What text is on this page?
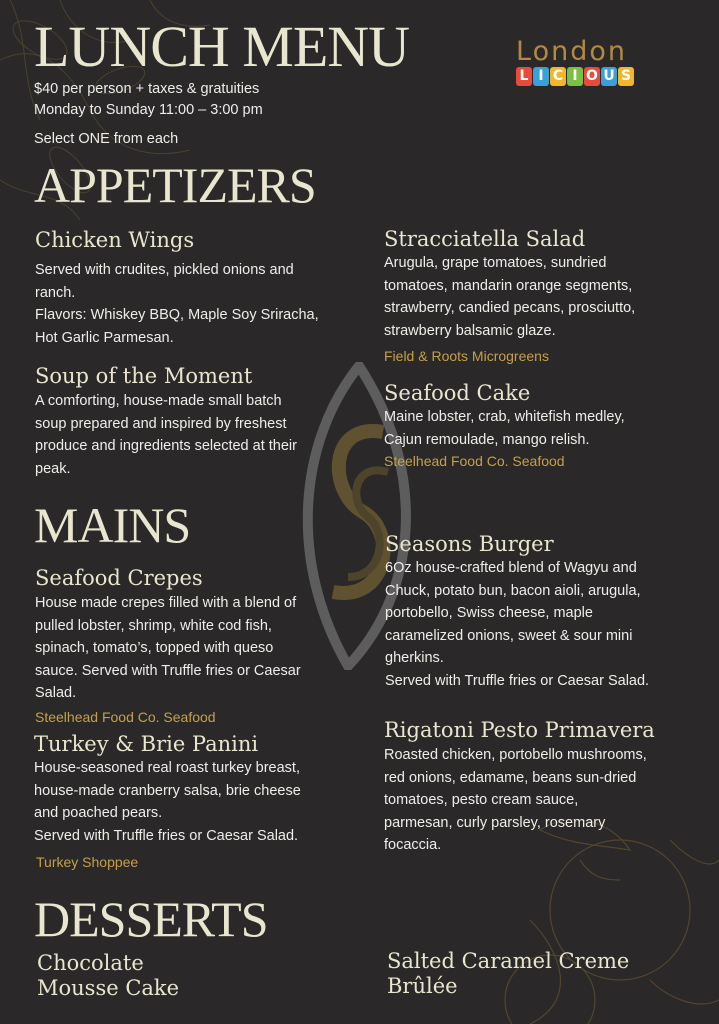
LUNCH MENU
$40 per person + taxes & gratuities
Monday to Sunday 11:00 – 3:00 pm
Select ONE from each
London
L I C I O U S
APPETIZERS
Chicken Wings
Served with crudites, pickled onions and
ranch.
Flavors: Whiskey BBQ, Maple Soy Sriracha,
Hot Garlic Parmesan.
Soup of the Moment
A comforting, house-made small batch
soup prepared and inspired by freshest
produce and ingredients selected at their
peak.
Stracciatella Salad
Arugula, grape tomatoes, sundried
tomatoes, mandarin orange segments,
strawberry, candied pecans, prosciutto,
strawberry balsamic glaze.
Field & Roots Microgreens
Seafood Cake
Maine lobster, crab, whitefish medley,
Cajun remoulade, mango relish.
Steelhead Food Co. Seafood
MAINS
Seafood Crepes
House made crepes filled with a blend of
pulled lobster, shrimp, white cod fish,
spinach, tomato’s, topped with queso
sauce. Served with Truffle fries or Caesar
Salad.
Steelhead Food Co. Seafood
Turkey & Brie Panini
House-seasoned real roast turkey breast,
house-made cranberry salsa, brie cheese
and poached pears.
Served with Truffle fries or Caesar Salad.
Turkey Shoppee
Seasons Burger
6Oz house-crafted blend of Wagyu and
Chuck, potato bun, bacon aioli, arugula,
portobello, Swiss cheese, maple
caramelized onions, sweet & sour mini
gherkins.
Served with Truffle fries or Caesar Salad.
Rigatoni Pesto Primavera
Roasted chicken, portobello mushrooms,
red onions, edamame, beans sun-dried
tomatoes, pesto cream sauce,
parmesan, curly parsley, rosemary
focaccia.
DESSERTS
Chocolate
Mousse Cake
Salted Caramel Creme
Brûlée
